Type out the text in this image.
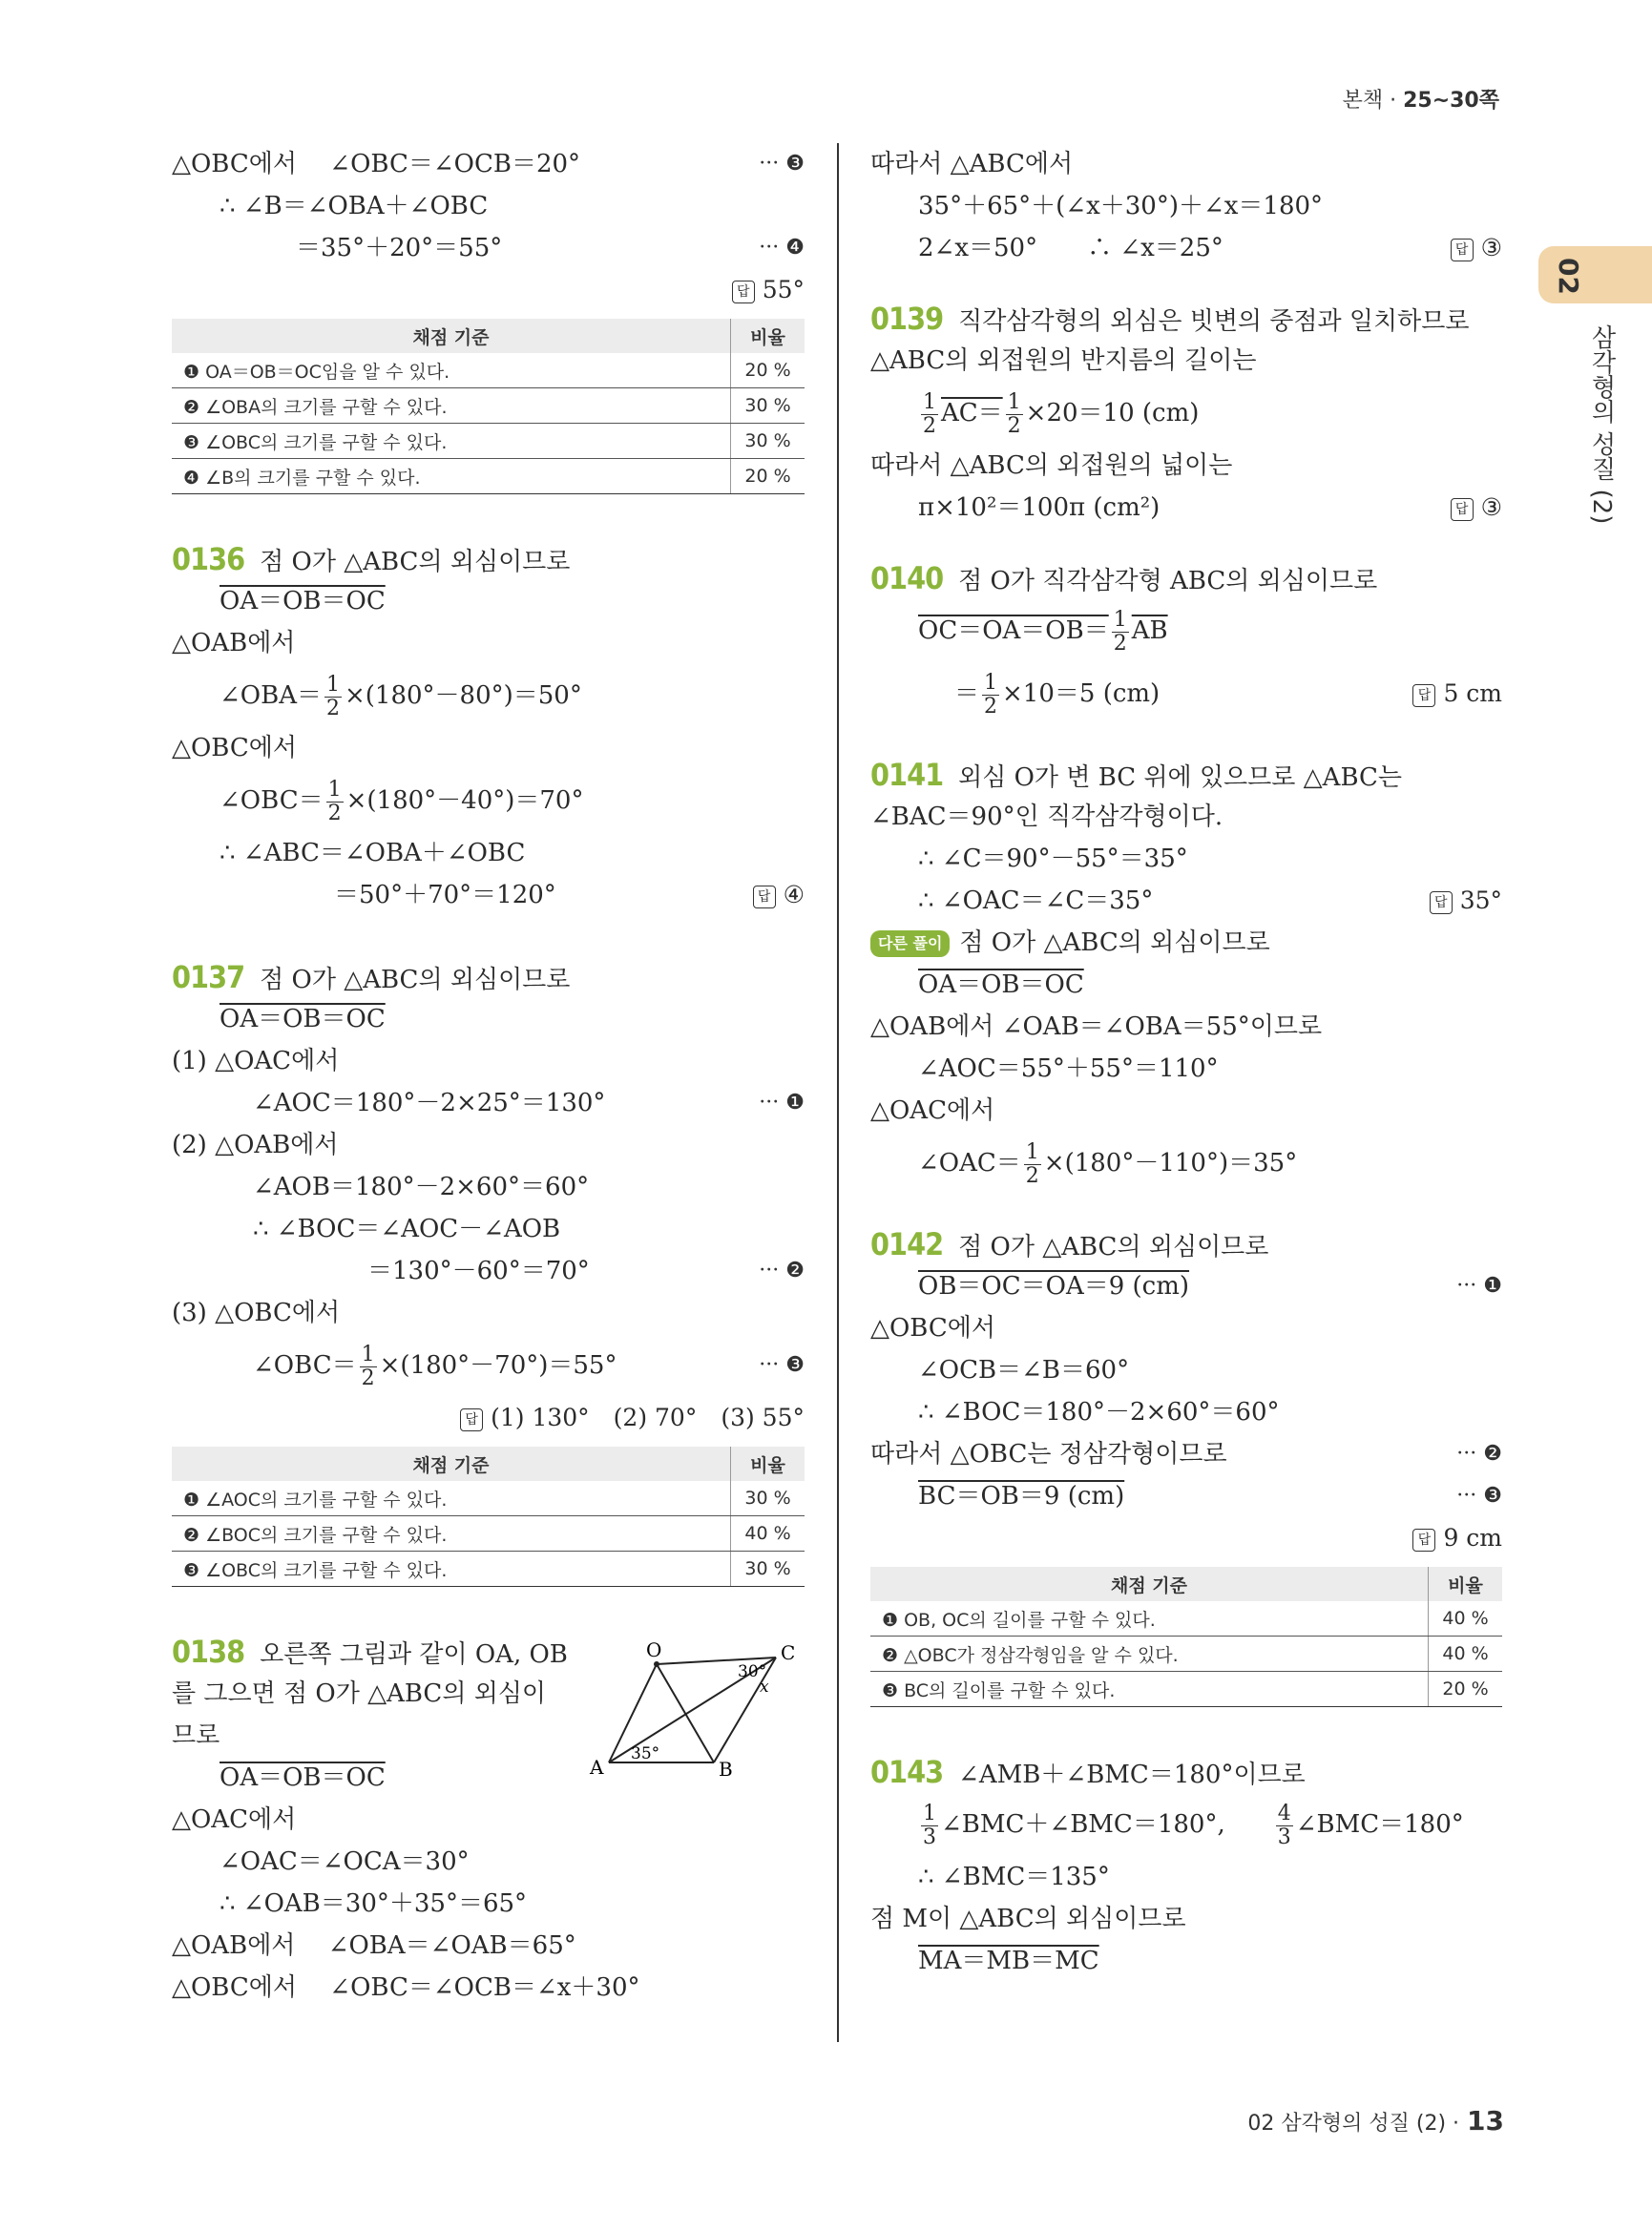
본책 · 25~30쪽
02
삼각형의 성질 (2)
△OBC에서　 ∠OBC＝∠OCB＝20°	··· ❸
∴ ∠B＝∠OBA＋∠OBC
＝35°＋20°＝55°	··· ❹
답 55°
채점 기준	비율
❶ OA＝OB＝OC임을 알 수 있다.	20 %
❷ ∠OBA의 크기를 구할 수 있다.	30 %
❸ ∠OBC의 크기를 구할 수 있다.	30 %
❹ ∠B의 크기를 구할 수 있다.	20 %
0136 점 O가 △ABC의 외심이므로
OA＝OB＝OC
△OAB에서
∠OBA＝ $\frac{1}{2} \times(180^\circ-80^\circ)=50^\circ$
△OBC에서
∠OBC＝ $\frac{1}{2} \times(180^\circ-40^\circ)=70^\circ$
∴ ∠ABC＝∠OBA＋∠OBC
＝50°＋70°＝120°	답 ④
0137 점 O가 △ABC의 외심이므로
OA＝OB＝OC
(1) △OAC에서
∠AOC＝180°－2×25°＝130°	··· ❶
(2) △OAB에서
∠AOB＝180°－2×60°＝60°
∴ ∠BOC＝∠AOC－∠AOB
＝130°－60°＝70°	··· ❷
(3) △OBC에서
∠OBC＝ $\frac{1}{2} \times(180^\circ-70^\circ)=55^\circ$	··· ❸
답 (1) 130°　(2) 70°　(3) 55°
채점 기준	비율
❶ ∠AOC의 크기를 구할 수 있다.	30 %
❷ ∠BOC의 크기를 구할 수 있다.	40 %
❸ ∠OBC의 크기를 구할 수 있다.	30 %
O	C
A	B
30°
x
35°
0138 오른쪽 그림과 같이 OA, OB
를 그으면 점 O가 △ABC의 외심이
므로
OA＝OB＝OC
△OAC에서
∠OAC＝∠OCA＝30°
∴ ∠OAB＝30°＋35°＝65°
△OAB에서　 ∠OBA＝∠OAB＝65°
△OBC에서　 ∠OBC＝∠OCB＝∠x＋30°
따라서 △ABC에서
35°＋65°＋(∠x＋30°)＋∠x＝180°
2∠x＝50°　　∴ ∠x＝25°	답 ③
0139 직각삼각형의 외심은 빗변의 중점과 일치하므로
△ABC의 외접원의 반지름의 길이는
$\frac{1}{2} AC= \frac{1}{2} \times 20=10$ (cm)
따라서 △ABC의 외접원의 넓이는
π×10²＝100π (cm²)	답 ③
0140 점 O가 직각삼각형 ABC의 외심이므로
$OC=OA=OB= \frac{1}{2} \overline{AB}$
＝ $\frac{1}{2} \times 10=5$ (cm)	답 5 cm
0141 외심 O가 변 BC 위에 있으므로 △ABC는
∠BAC＝90°인 직각삼각형이다.
∴ ∠C＝90°－55°＝35°
∴ ∠OAC＝∠C＝35°	답 35°
다른 풀이 점 O가 △ABC의 외심이므로
OA＝OB＝OC
△OAB에서 ∠OAB＝∠OBA＝55°이므로
∠AOC＝55°＋55°＝110°
△OAC에서
∠OAC＝ $\frac{1}{2} \times(180^\circ-110^\circ)=35^\circ$
0142 점 O가 △ABC의 외심이므로
OB＝OC＝OA＝9 (cm)	··· ❶
△OBC에서
∠OCB＝∠B＝60°
∴ ∠BOC＝180°－2×60°＝60°
따라서 △OBC는 정삼각형이므로	··· ❷
BC＝OB＝9 (cm)	··· ❸
답 9 cm
채점 기준	비율
❶ OB, OC의 길이를 구할 수 있다.	40 %
❷ △OBC가 정삼각형임을 알 수 있다.	40 %
❸ BC의 길이를 구할 수 있다.	20 %
0143 ∠AMB＋∠BMC＝180°이므로
$\frac{1}{3}$ ∠BMC＋∠BMC＝180°, $\frac{4}{3}$ ∠BMC＝180°
∴ ∠BMC＝135°
점 M이 △ABC의 외심이므로
MA＝MB＝MC
02 삼각형의 성질 (2) · 13
